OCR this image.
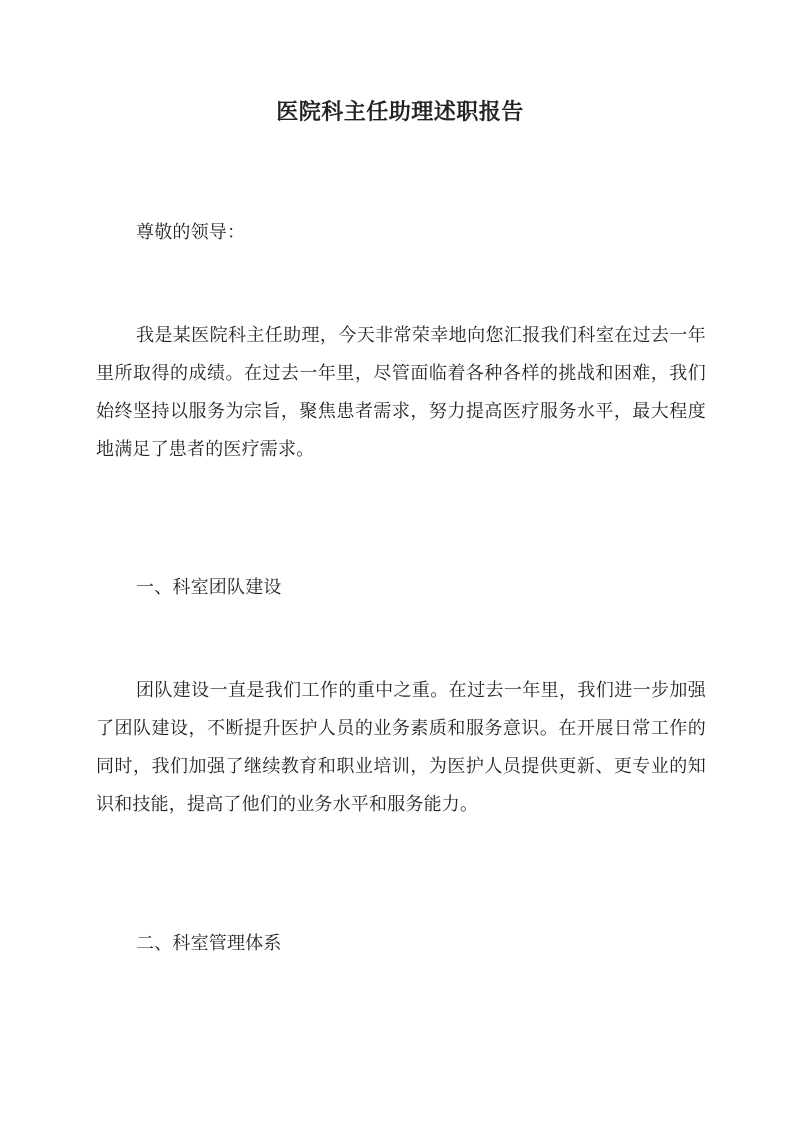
医院科主任助理述职报告

尊敬的领导：

我是某医院科主任助理，今天非常荣幸地向您汇报我们科室在过去一年里所取得的成绩。在过去一年里，尽管面临着各种各样的挑战和困难，我们始终坚持以服务为宗旨，聚焦患者需求，努力提高医疗服务水平，最大程度地满足了患者的医疗需求。

一、科室团队建设

团队建设一直是我们工作的重中之重。在过去一年里，我们进一步加强了团队建设，不断提升医护人员的业务素质和服务意识。在开展日常工作的同时，我们加强了继续教育和职业培训，为医护人员提供更新、更专业的知识和技能，提高了他们的业务水平和服务能力。

二、科室管理体系
